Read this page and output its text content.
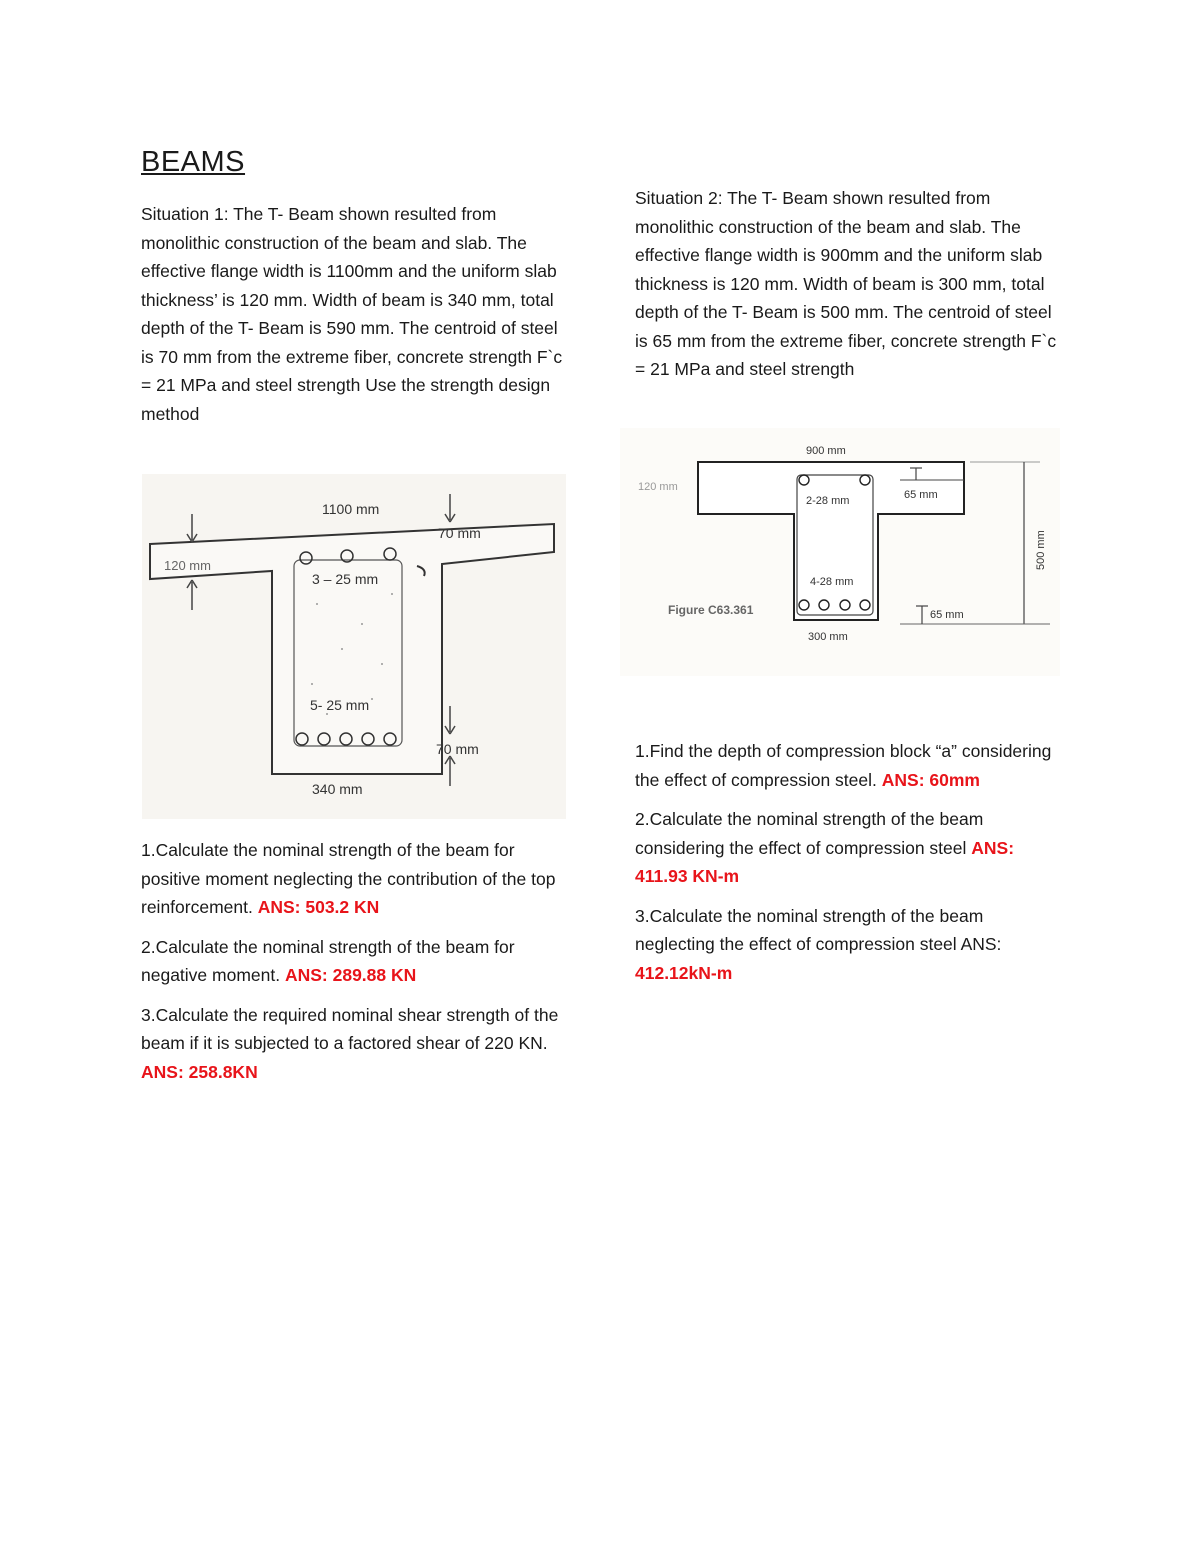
BEAMS

Situation 1: The T- Beam shown resulted from monolithic construction of the beam and slab. The effective flange width is 1100mm and the uniform slab thickness’ is 120 mm. Width of beam is 340 mm, total depth of the T- Beam is 590 mm. The centroid of steel is 70 mm from the extreme fiber, concrete strength F`c = 21 MPa and steel strength Use the strength design method

1100 mm
120 mm
70 mm
3 – 25 mm
5- 25 mm
70 mm
340 mm

1.Calculate the nominal strength of the beam for positive moment neglecting the contribution of the top reinforcement. ANS: 503.2 KN

2.Calculate the nominal strength of the beam for negative moment. ANS: 289.88 KN

3.Calculate the required nominal shear strength of the beam if it is subjected to a factored shear of 220 KN. ANS: 258.8KN

Situation 2: The T- Beam shown resulted from monolithic construction of the beam and slab. The effective flange width is 900mm and the uniform slab thickness is 120 mm. Width of beam is 300 mm, total depth of the T- Beam is 500 mm. The centroid of steel is 65 mm from the extreme fiber, concrete strength F`c = 21 MPa and steel strength

900 mm
120 mm
65 mm
2-28 mm
4-28 mm
65 mm
300 mm
Figure C63.361
500 mm

1.Find the depth of compression block “a” considering the effect of compression steel. ANS: 60mm

2.Calculate the nominal strength of the beam considering the effect of compression steel ANS: 411.93 KN-m

3.Calculate the nominal strength of the beam neglecting the effect of compression steel ANS: 412.12kN-m
